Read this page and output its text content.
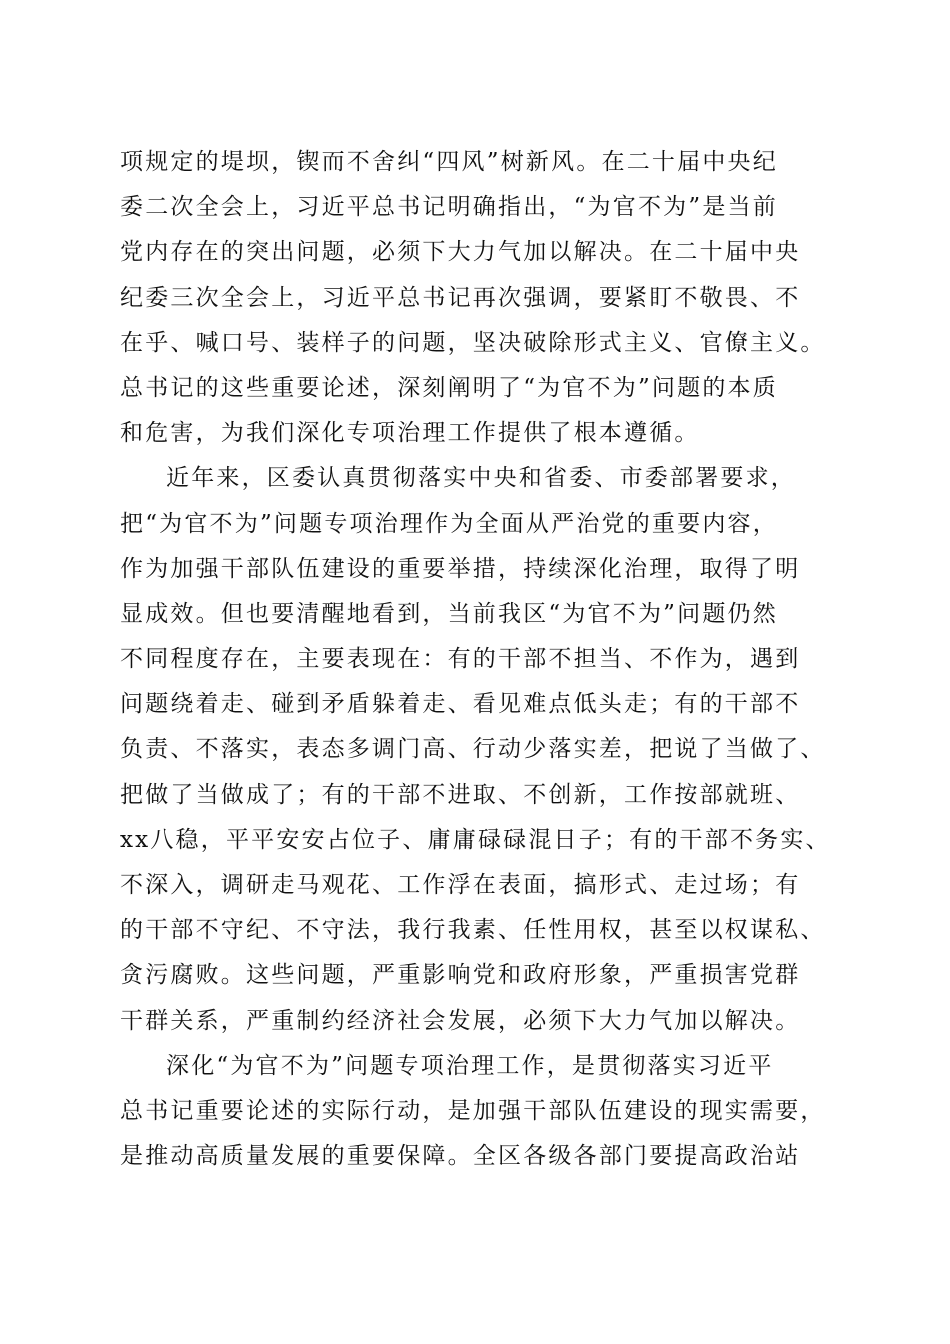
项规定的堤坝，锲而不舍纠“四风”树新风。在二十届中央纪
委二次全会上，习近平总书记明确指出，“为官不为”是当前
党内存在的突出问题，必须下大力气加以解决。在二十届中央
纪委三次全会上，习近平总书记再次强调，要紧盯不敬畏、不
在乎、喊口号、装样子的问题，坚决破除形式主义、官僚主义。
总书记的这些重要论述，深刻阐明了“为官不为”问题的本质
和危害，为我们深化专项治理工作提供了根本遵循。
近年来，区委认真贯彻落实中央和省委、市委部署要求，
把“为官不为”问题专项治理作为全面从严治党的重要内容，
作为加强干部队伍建设的重要举措，持续深化治理，取得了明
显成效。但也要清醒地看到，当前我区“为官不为”问题仍然
不同程度存在，主要表现在：有的干部不担当、不作为，遇到
问题绕着走、碰到矛盾躲着走、看见难点低头走；有的干部不
负责、不落实，表态多调门高、行动少落实差，把说了当做了、
把做了当做成了；有的干部不进取、不创新，工作按部就班、
xx八稳，平平安安占位子、庸庸碌碌混日子；有的干部不务实、
不深入，调研走马观花、工作浮在表面，搞形式、走过场；有
的干部不守纪、不守法，我行我素、任性用权，甚至以权谋私、
贪污腐败。这些问题，严重影响党和政府形象，严重损害党群
干群关系，严重制约经济社会发展，必须下大力气加以解决。
深化“为官不为”问题专项治理工作，是贯彻落实习近平
总书记重要论述的实际行动，是加强干部队伍建设的现实需要，
是推动高质量发展的重要保障。全区各级各部门要提高政治站
